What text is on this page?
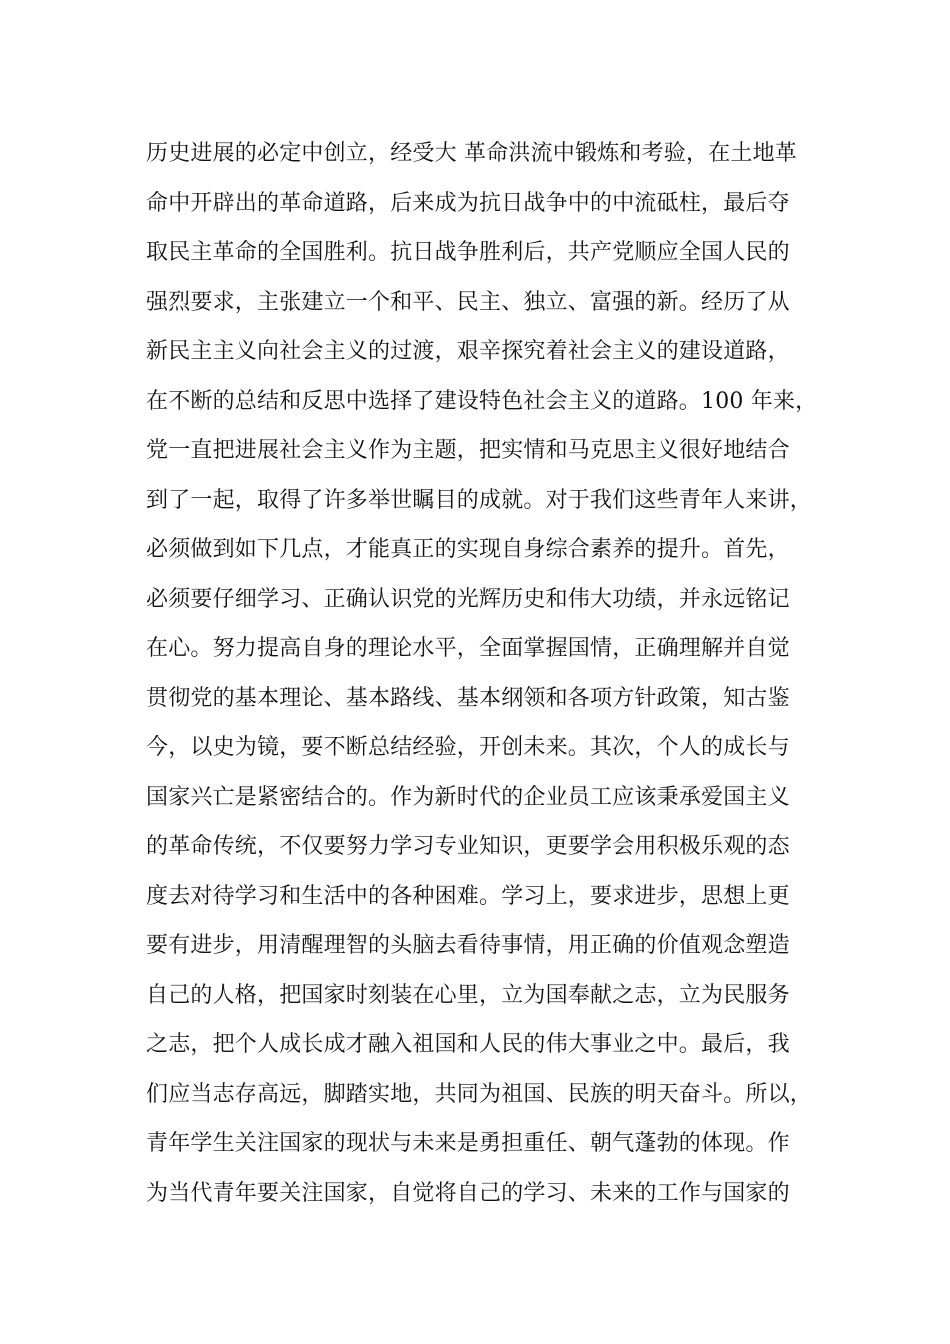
历史进展的必定中创立，经受大 革命洪流中锻炼和考验，在土地革
命中开辟出的革命道路，后来成为抗日战争中的中流砥柱，最后夺
取民主革命的全国胜利。抗日战争胜利后，共产党顺应全国人民的
强烈要求，主张建立一个和平、民主、独立、富强的新。经历了从
新民主主义向社会主义的过渡，艰辛探究着社会主义的建设道路，
在不断的总结和反思中选择了建设特色社会主义的道路。100 年来，
党一直把进展社会主义作为主题，把实情和马克思主义很好地结合
到了一起，取得了许多举世瞩目的成就。对于我们这些青年人来讲，
必须做到如下几点，才能真正的实现自身综合素养的提升。首先，
必须要仔细学习、正确认识党的光辉历史和伟大功绩，并永远铭记
在心。努力提高自身的理论水平，全面掌握国情，正确理解并自觉
贯彻党的基本理论、基本路线、基本纲领和各项方针政策，知古鉴
今，以史为镜，要不断总结经验，开创未来。其次，个人的成长与
国家兴亡是紧密结合的。作为新时代的企业员工应该秉承爱国主义
的革命传统，不仅要努力学习专业知识，更要学会用积极乐观的态
度去对待学习和生活中的各种困难。学习上，要求进步，思想上更
要有进步，用清醒理智的头脑去看待事情，用正确的价值观念塑造
自己的人格，把国家时刻装在心里，立为国奉献之志，立为民服务
之志，把个人成长成才融入祖国和人民的伟大事业之中。最后，我
们应当志存高远，脚踏实地，共同为祖国、民族的明天奋斗。所以，
青年学生关注国家的现状与未来是勇担重任、朝气蓬勃的体现。作
为当代青年要关注国家，自觉将自己的学习、未来的工作与国家的
